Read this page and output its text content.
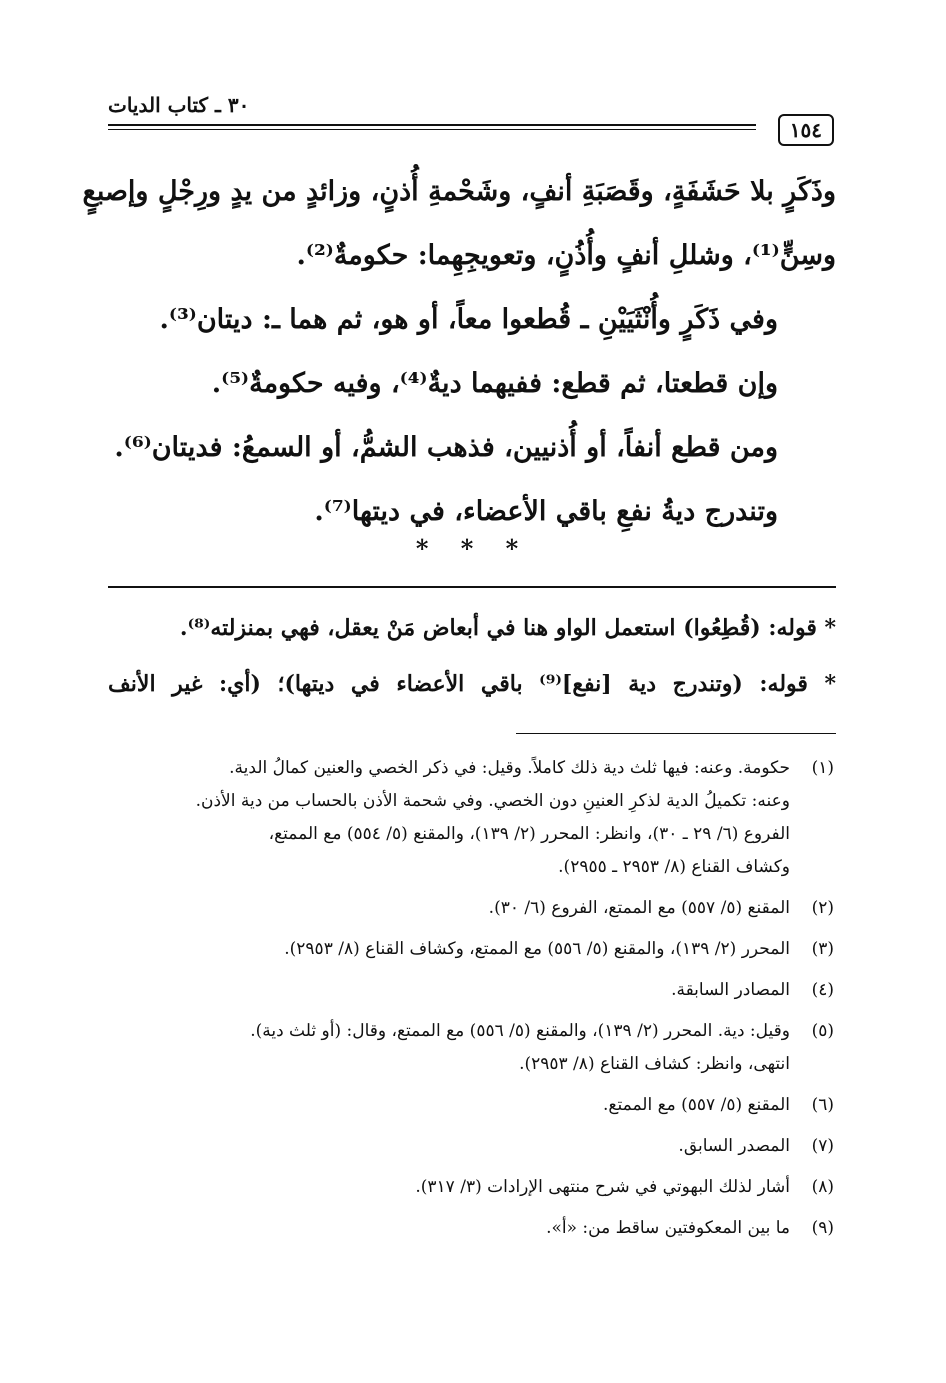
١٥٤
٣٠ ـ كتاب الديات
وذَكَرٍ بلا حَشَفَةٍ، وقَصَبَةِ أنفٍ، وشَحْمةِ أُذنٍ، وزائدٍ من يدٍ ورِجْلٍ وإصبعٍ
وسِنٍّ⁽¹⁾، وشللِ أنفٍ وأُذُنٍ، وتعويجِهِما: حكومةٌ⁽²⁾.
وفي ذَكَرٍ وأُنْثَيَيْنِ ـ قُطعوا معاً، أو هو، ثم هما ـ: ديتان⁽³⁾.
وإن قطعتا، ثم قطع: ففيهما ديةٌ⁽⁴⁾، وفيه حكومةٌ⁽⁵⁾.
ومن قطع أنفاً، أو أُذنيين، فذهب الشمُّ، أو السمعُ: فديتان⁽⁶⁾.
وتندرج ديةُ نفعِ باقي الأعضاء، في ديتها⁽⁷⁾.
* * *
* قوله: (قُطِعُوا) استعمل الواو هنا في أبعاض مَنْ يعقل، فهي بمنزلته⁽⁸⁾.
* قوله: (وتندرج دية [نفع]⁽⁹⁾ باقي الأعضاء في ديتها)؛ (أي: غير الأنف
(١)
حكومة. وعنه: فيها ثلث دية ذلك كاملاً. وقيل: في ذكر الخصي والعنين كمالُ الدية.
وعنه: تكميلُ الدية لذكرِ العنينِ دون الخصي. وفي شحمة الأذن بالحساب من دية الأذن.
الفروع (٦/ ٢٩ ـ ٣٠)، وانظر: المحرر (٢/ ١٣٩)، والمقنع (٥/ ٥٥٤) مع الممتع،
وكشاف القناع (٨/ ٢٩٥٣ ـ ٢٩٥٥).
(٢)
المقنع (٥/ ٥٥٧) مع الممتع، الفروع (٦/ ٣٠).
(٣)
المحرر (٢/ ١٣٩)، والمقنع (٥/ ٥٥٦) مع الممتع، وكشاف القناع (٨/ ٢٩٥٣).
(٤)
المصادر السابقة.
(٥)
وقيل: دية. المحرر (٢/ ١٣٩)، والمقنع (٥/ ٥٥٦) مع الممتع، وقال: (أو ثلث دية).
انتهى، وانظر: كشاف القناع (٨/ ٢٩٥٣).
(٦)
المقنع (٥/ ٥٥٧) مع الممتع.
(٧)
المصدر السابق.
(٨)
أشار لذلك البهوتي في شرح منتهى الإرادات (٣/ ٣١٧).
(٩)
ما بين المعكوفتين ساقط من: «أ».
